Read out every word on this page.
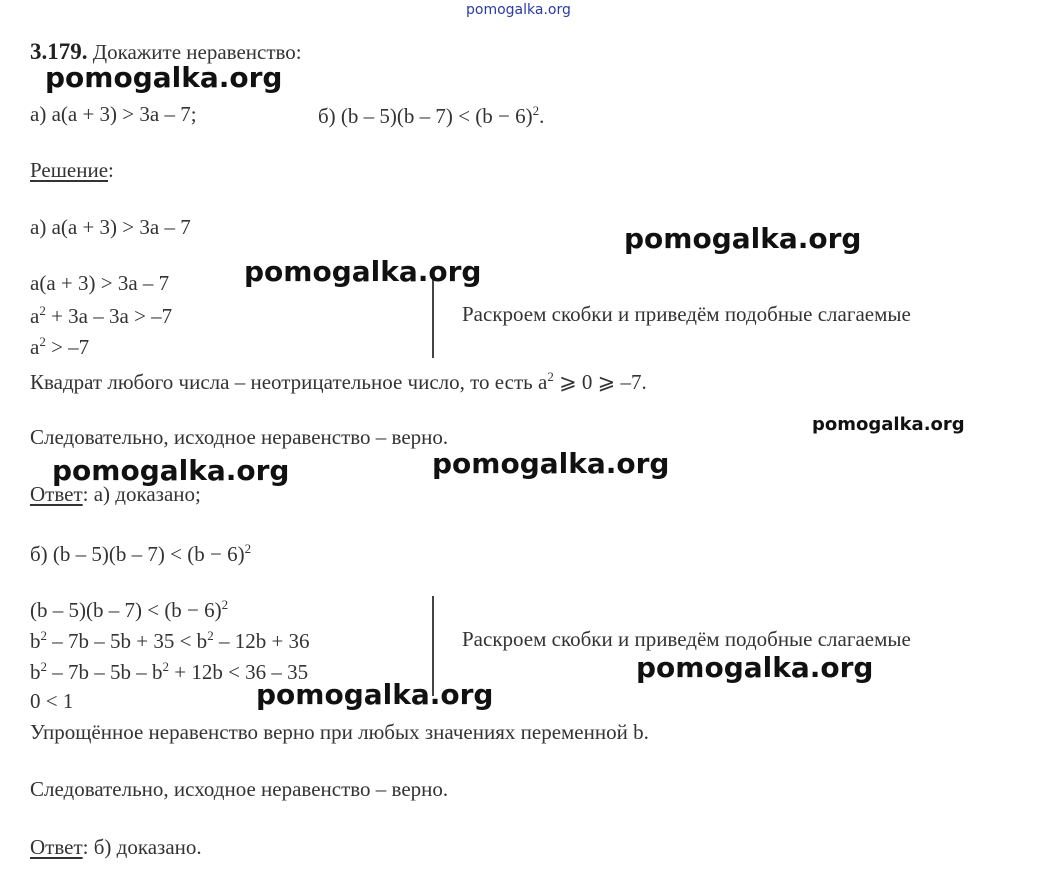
pomogalka.org
3.179. Докажите неравенство:
а) a(a + 3) > 3a – 7;	б) $(b - 5)(b - 7) < (b - 6)^2$.
Решение:
а) a(a + 3) > 3a – 7
a(a + 3) > 3a – 7
$a^2 + 3a - 3a > -7$
$a^2 > -7$
Раскроем скобки и приведём подобные слагаемые
Квадрат любого числа – неотрицательное число, то есть $a^2$ ⩾ 0 ⩾ –7.
Следовательно, исходное неравенство – верно.
Ответ: а) доказано;
б) $(b - 5)(b - 7) < (b - 6)^2$
$(b - 5)(b - 7) < (b - 6)^2$
$b^2 - 7b - 5b + 35 < b^2 - 12b + 36$
$b^2 - 7b - 5b - b^2 + 12b < 36 - 35$
0 < 1
Раскроем скобки и приведём подобные слагаемые
Упрощённое неравенство верно при любых значениях переменной b.
Следовательно, исходное неравенство – верно.
Ответ: б) доказано.
pomogalka.org
pomogalka.org
pomogalka.org
pomogalka.org
pomogalka.org
pomogalka.org
pomogalka.org
pomogalka.org
